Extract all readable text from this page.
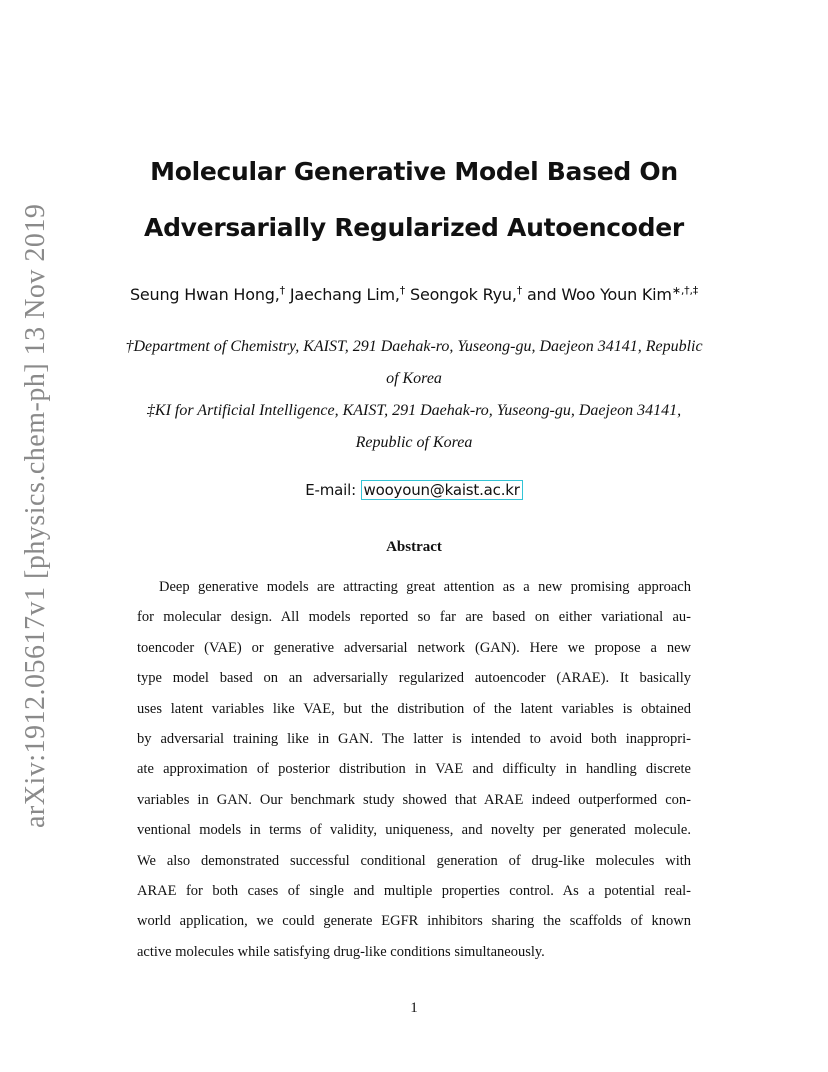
arXiv:1912.05617v1 [physics.chem-ph] 13 Nov 2019
Molecular Generative Model Based On
Adversarially Regularized Autoencoder
Seung Hwan Hong,† Jaechang Lim,† Seongok Ryu,† and Woo Youn Kim∗,†,‡
†Department of Chemistry, KAIST, 291 Daehak-ro, Yuseong-gu, Daejeon 34141, Republic
of Korea
‡KI for Artificial Intelligence, KAIST, 291 Daehak-ro, Yuseong-gu, Daejeon 34141,
Republic of Korea
E-mail: wooyoun@kaist.ac.kr
Abstract
Deep generative models are attracting great attention as a new promising approach
for molecular design. All models reported so far are based on either variational au-
toencoder (VAE) or generative adversarial network (GAN). Here we propose a new
type model based on an adversarially regularized autoencoder (ARAE). It basically
uses latent variables like VAE, but the distribution of the latent variables is obtained
by adversarial training like in GAN. The latter is intended to avoid both inappropri-
ate approximation of posterior distribution in VAE and difficulty in handling discrete
variables in GAN. Our benchmark study showed that ARAE indeed outperformed con-
ventional models in terms of validity, uniqueness, and novelty per generated molecule.
We also demonstrated successful conditional generation of drug-like molecules with
ARAE for both cases of single and multiple properties control. As a potential real-
world application, we could generate EGFR inhibitors sharing the scaffolds of known
active molecules while satisfying drug-like conditions simultaneously.
1
